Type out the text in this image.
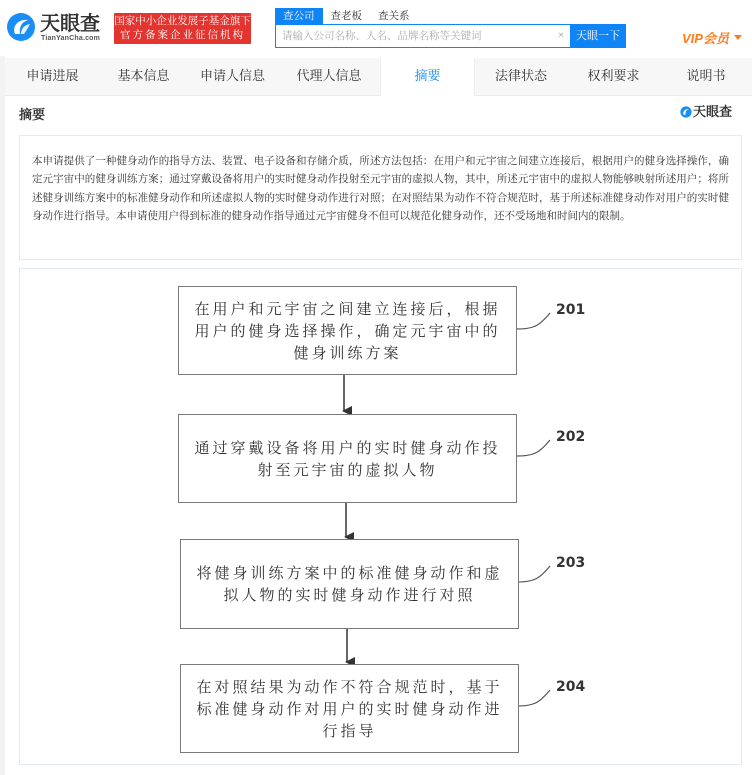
天眼查
TianYanCha.com
国家中小企业发展子基金旗下
官方备案企业征信机构
查公司	查老板	查关系
请输入公司名称、人名、品牌名称等关键词
×	天眼一下	VIP会员
申请进展	基本信息	申请人信息	代理人信息	摘要	法律状态	权利要求	说明书
摘要	天眼查
本申请提供了一种健身动作的指导方法、装置、电子设备和存储介质，所述方法包括：在用户和元宇宙之间建立连接后，根据用户的健身选择操作，确定元宇宙中的健身训练方案；通过穿戴设备将用户的实时健身动作投射至元宇宙的虚拟人物，其中，所述元宇宙中的虚拟人物能够映射所述用户；将所述健身训练方案中的标准健身动作和所述虚拟人物的实时健身动作进行对照；在对照结果为动作不符合规范时，基于所述标准健身动作对用户的实时健身动作进行指导。本申请使用户得到标准的健身动作指导通过元宇宙健身不但可以规范化健身动作，还不受场地和时间内的限制。
在用户和元宇宙之间建立连接后，根据用户的健身选择操作，确定元宇宙中的健身训练方案
201
通过穿戴设备将用户的实时健身动作投射至元宇宙的虚拟人物
202
将健身训练方案中的标准健身动作和虚拟人物的实时健身动作进行对照
203
在对照结果为动作不符合规范时，基于标准健身动作对用户的实时健身动作进行指导
204
